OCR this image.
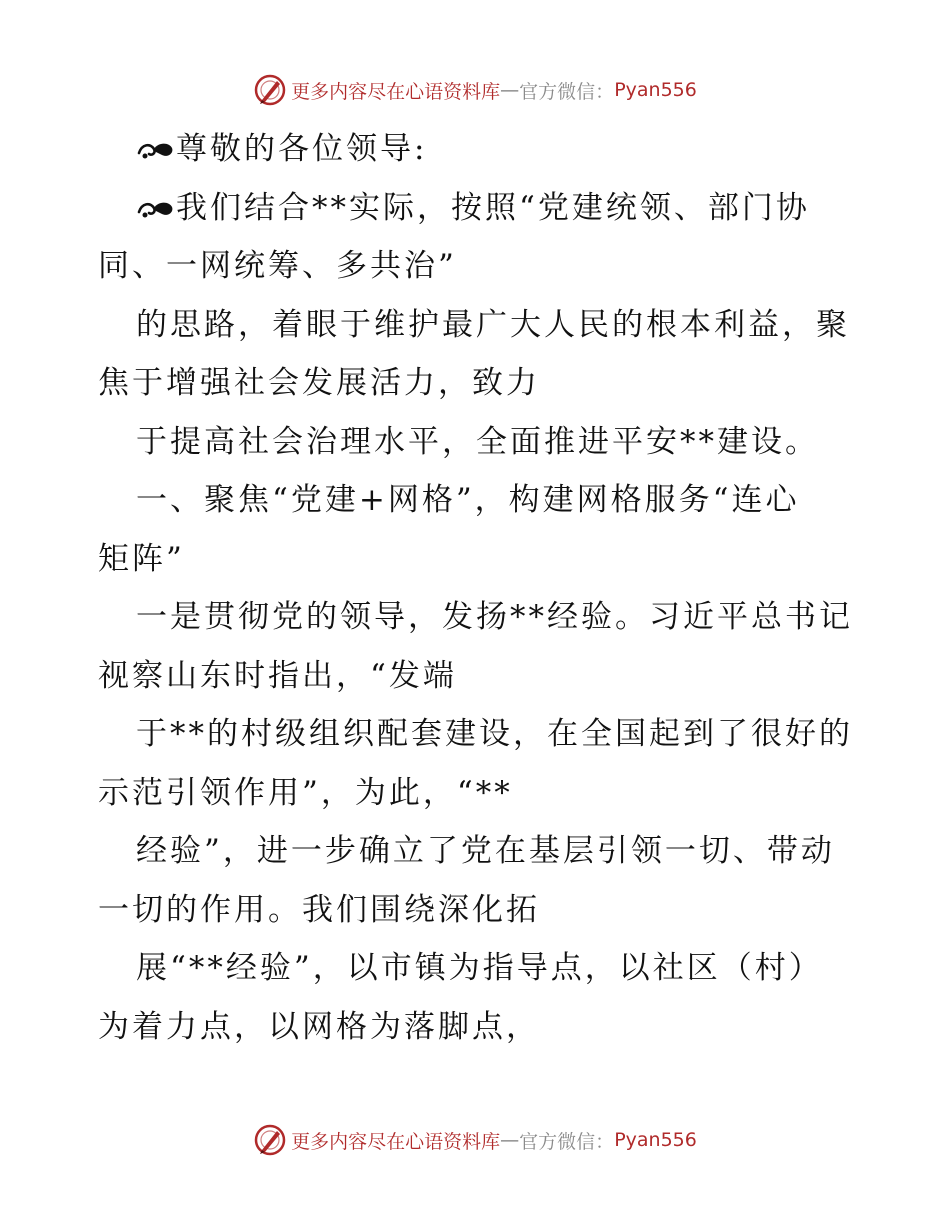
更多内容尽在心语资料库 — 官方微信： Pyan556
尊敬的各位领导:
我们结合**实际，按照“党建统领、部门协
同、一网统筹、多共治”
的思路，着眼于维护最广大人民的根本利益，聚
焦于增强社会发展活力，致力
于提高社会治理水平，全面推进平安**建设。
一、聚焦“党建+网格”，构建网格服务“连心
矩阵”
一是贯彻党的领导，发扬**经验。习近平总书记
视察山东时指出，“发端
于**的村级组织配套建设，在全国起到了很好的
示范引领作用”，为此，“**
经验”，进一步确立了党在基层引领一切、带动
一切的作用。我们围绕深化拓
展“**经验”，以市镇为指导点，以社区（村）
为着力点，以网格为落脚点，
更多内容尽在心语资料库 — 官方微信： Pyan556
